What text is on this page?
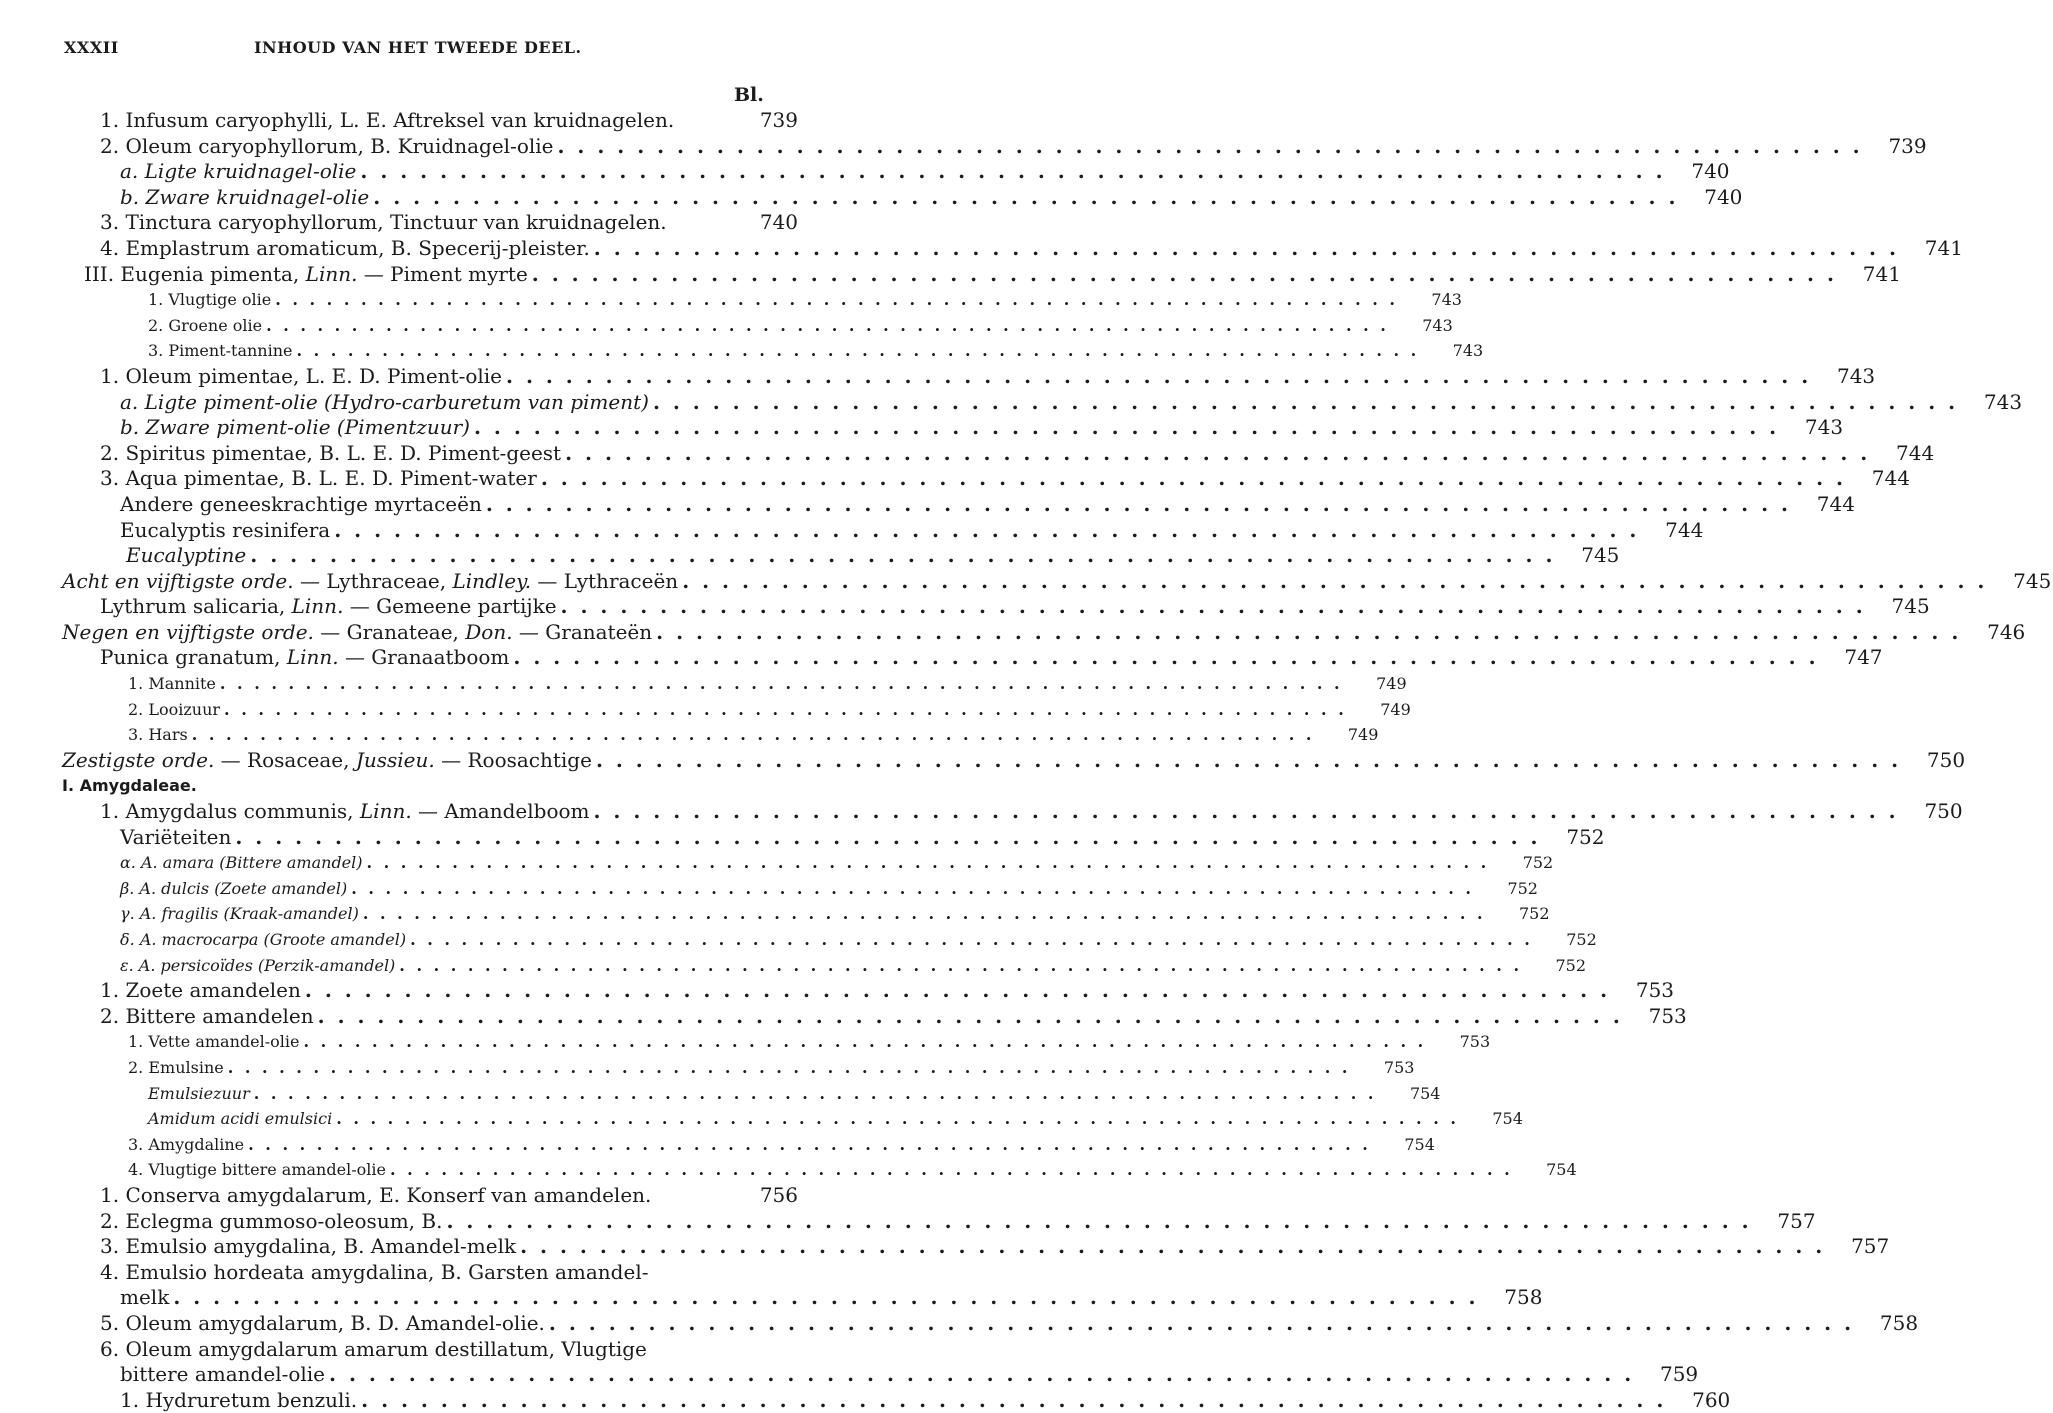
XXXII	INHOUD VAN HET TWEEDE DEEL.
Bl.
1. Infusum caryophylli, L. E. Aftreksel van kruidnagelen.	739
2. Oleum caryophyllorum, B. Kruidnagel-olie . . .	739
a. Ligte kruidnagel-olie . . .	740
b. Zware kruidnagel-olie . . .	740
3. Tinctura caryophyllorum, Tinctuur van kruidnagelen.	740
4. Emplastrum aromaticum, B. Specerij-pleister. . . .	741
III. Eugenia pimenta, Linn. — Piment myrte . . .	741
1. Vlugtige olie . . .	743
2. Groene olie . . .	743
3. Piment-tannine . . .	743
1. Oleum pimentae, L. E. D. Piment-olie . . .	743
a. Ligte piment-olie (Hydro-carburetum van piment) . . .	743
b. Zware piment-olie (Pimentzuur) . . .	743
2. Spiritus pimentae, B. L. E. D. Piment-geest . . .	744
3. Aqua pimentae, B. L. E. D. Piment-water . . .	744
Andere geneeskrachtige myrtaceën . . .	744
Eucalyptis resinifera . . .	744
Eucalyptine . . .	745
Acht en vijftigste orde. — Lythraceae, Lindley. — Lythraceën . . .	745
Lythrum salicaria, Linn. — Gemeene partijke . . .	745
Negen en vijftigste orde. — Granateae, Don. — Granateën . . .	746
Punica granatum, Linn. — Granaatboom . . .	747
1. Mannite . . .	749
2. Looizuur . . .	749
3. Hars . . .	749
Zestigste orde. — Rosaceae, Jussieu. — Roosachtige . . .	750
I. Amygdaleae.
1. Amygdalus communis, Linn. — Amandelboom . . .	750
Variëteiten . . .	752
α. A. amara (Bittere amandel) . . .	752
β. A. dulcis (Zoete amandel) . . .	752
γ. A. fragilis (Kraak-amandel) . . .	752
δ. A. macrocarpa (Groote amandel) . . .	752
ε. A. persicoïdes (Perzik-amandel) . . .	752
1. Zoete amandelen . . .	753
2. Bittere amandelen . . .	753
1. Vette amandel-olie . . .	753
2. Emulsine . . .	753
Emulsiezuur . . .	754
Amidum acidi emulsici . . .	754
3. Amygdaline . . .	754
4. Vlugtige bittere amandel-olie . . .	754
1. Conserva amygdalarum, E. Konserf van amandelen.	756
2. Eclegma gummoso-oleosum, B. . . .	757
3. Emulsio amygdalina, B. Amandel-melk . . .	757
4. Emulsio hordeata amygdalina, B. Garsten amandel-
melk . . .	758
5. Oleum amygdalarum, B. D. Amandel-olie. . . .	758
6. Oleum amygdalarum amarum destillatum, Vlugtige
bittere amandel-olie . . .	759
1. Hydruretum benzuli. . . .	760
